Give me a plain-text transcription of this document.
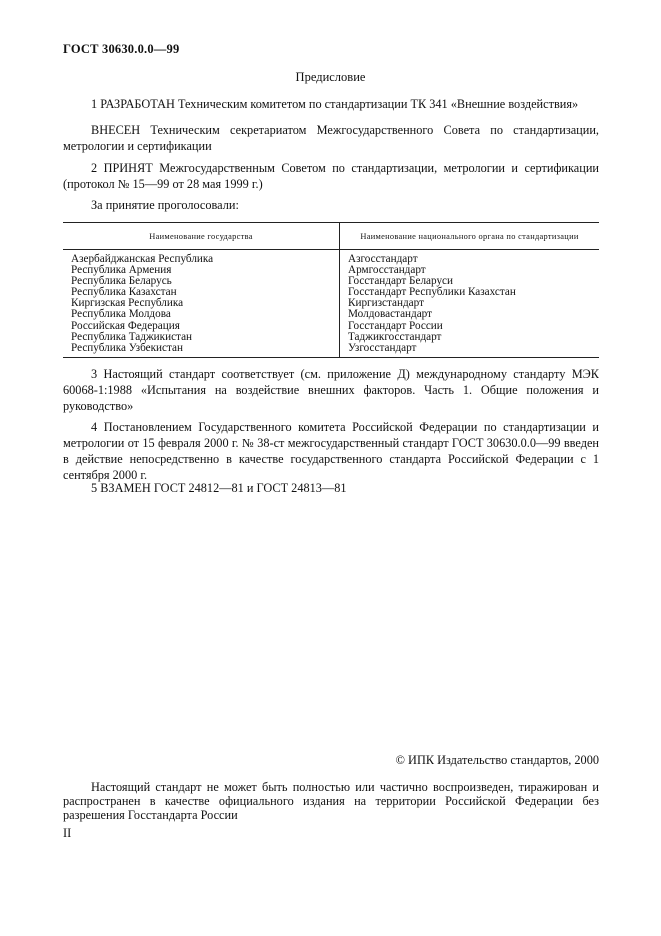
ГОСТ 30630.0.0—99
Предисловие
1 РАЗРАБОТАН Техническим комитетом по стандартизации ТК 341 «Внешние воздействия»
ВНЕСЕН Техническим секретариатом Межгосударственного Совета по стандартизации, метрологии и сертификации
2 ПРИНЯТ Межгосударственным Советом по стандартизации, метрологии и сертификации (протокол № 15—99 от 28 мая 1999 г.)
За принятие проголосовали:
Наименование государства	Наименование национального органа по стандартизации
Азербайджанская Республика	Азгосстандарт
Республика Армения	Армгосстандарт
Республика Беларусь	Госстандарт Беларуси
Республика Казахстан	Госстандарт Республики Казахстан
Киргизская Республика	Киргизстандарт
Республика Молдова	Молдовастандарт
Российская Федерация	Госстандарт России
Республика Таджикистан	Таджикгосстандарт
Республика Узбекистан	Узгосстандарт
3 Настоящий стандарт соответствует (см. приложение Д) международному стандарту МЭК 60068-1:1988 «Испытания на воздействие внешних факторов. Часть 1. Общие положения и руководство»
4 Постановлением Государственного комитета Российской Федерации по стандартизации и метрологии от 15 февраля 2000 г. № 38-ст межгосударственный стандарт ГОСТ 30630.0.0—99 введен в действие непосредственно в качестве государственного стандарта Российской Федерации с 1 сентября 2000 г.
5 ВЗАМЕН ГОСТ 24812—81 и ГОСТ 24813—81
© ИПК Издательство стандартов, 2000
Настоящий стандарт не может быть полностью или частично воспроизведен, тиражирован и распространен в качестве официального издания на территории Российской Федерации без разрешения Госстандарта России
II
